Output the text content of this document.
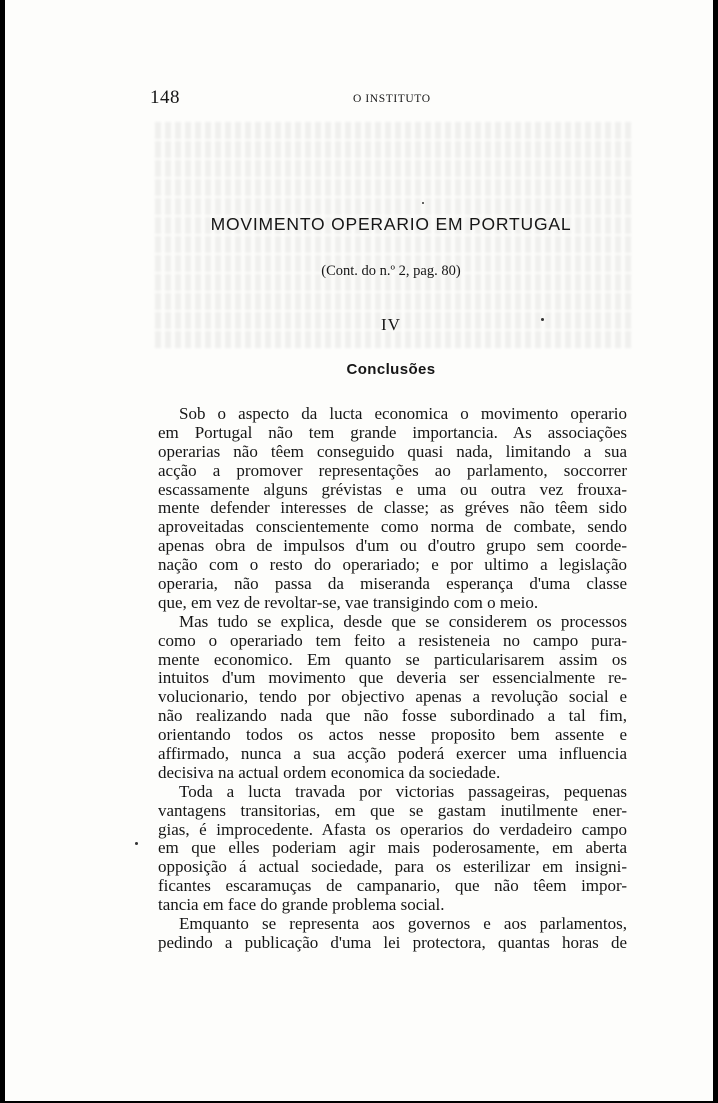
148	O INSTITUTO
MOVIMENTO OPERARIO EM PORTUGAL
(Cont. do n.º 2, pag. 80)
IV
Conclusões
Sob o aspecto da lucta economica o movimento operario
em Portugal não tem grande importancia. As associações
operarias não têem conseguido quasi nada, limitando a sua
acção a promover representações ao parlamento, soccorrer
escassamente alguns grévistas e uma ou outra vez frouxa-
mente defender interesses de classe; as gréves não têem sido
aproveitadas conscientemente como norma de combate, sendo
apenas obra de impulsos d'um ou d'outro grupo sem coorde-
nação com o resto do operariado; e por ultimo a legislação
operaria, não passa da miseranda esperança d'uma classe
que, em vez de revoltar-se, vae transigindo com o meio.
Mas tudo se explica, desde que se considerem os processos
como o operariado tem feito a resisteneia no campo pura-
mente economico. Em quanto se particularisarem assim os
intuitos d'um movimento que deveria ser essencialmente re-
volucionario, tendo por objectivo apenas a revolução social e
não realizando nada que não fosse subordinado a tal fim,
orientando todos os actos nesse proposito bem assente e
affirmado, nunca a sua acção poderá exercer uma influencia
decisiva na actual ordem economica da sociedade.
Toda a lucta travada por victorias passageiras, pequenas
vantagens transitorias, em que se gastam inutilmente ener-
gias, é improcedente. Afasta os operarios do verdadeiro campo
em que elles poderiam agir mais poderosamente, em aberta
opposição á actual sociedade, para os esterilizar em insigni-
ficantes escaramuças de campanario, que não têem impor-
tancia em face do grande problema social.
Emquanto se representa aos governos e aos parlamentos,
pedindo a publicação d'uma lei protectora, quantas horas de
